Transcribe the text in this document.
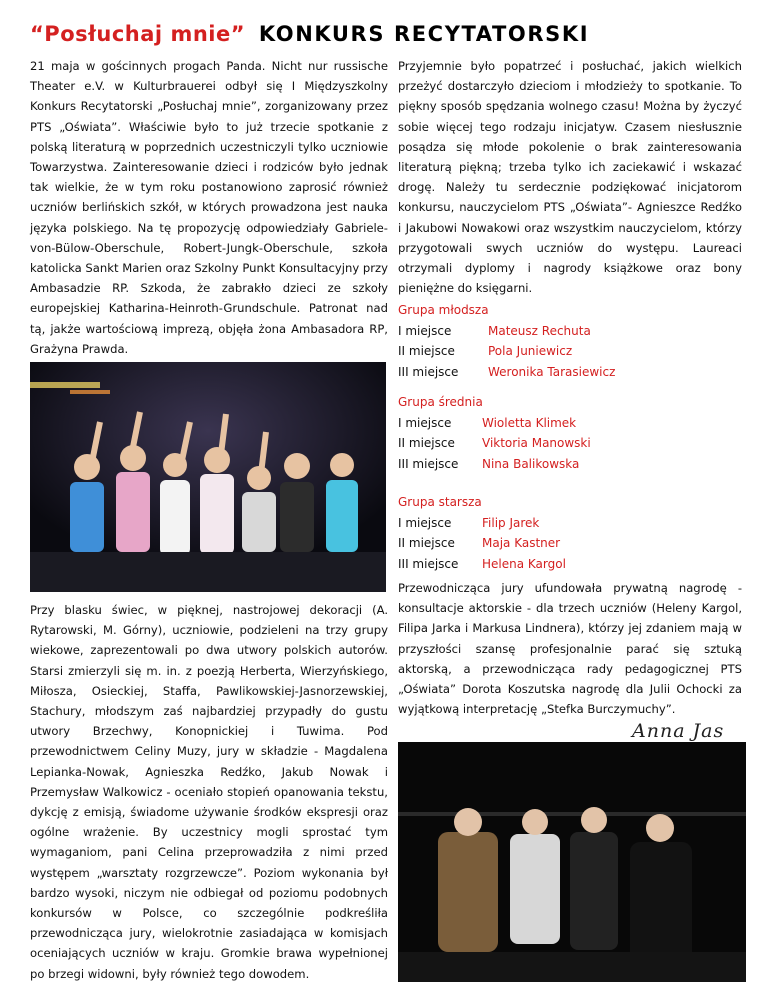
“Posłuchaj mnie” KONKURS RECYTATORSKI
21 maja w gościnnych progach Panda. Nicht nur russische Theater e.V. w Kulturbrauerei odbył się I Międzyszkolny Konkurs Recytatorski „Posłuchaj mnie”, zorganizowany przez PTS „Oświata”. Właściwie było to już trzecie spotkanie z polską literaturą w poprzednich uczestniczyli tylko uczniowie Towarzystwa. Zainteresowanie dzieci i rodziców było jednak tak wielkie, że w tym roku postanowiono zaprosić również uczniów berlińskich szkół, w których prowadzona jest nauka języka polskiego. Na tę propozycję odpowiedziały Gabriele-von-Bülow-Oberschule, Robert-Jungk-Oberschule, szkoła katolicka Sankt Marien oraz Szkolny Punkt Konsultacyjny przy Ambasadzie RP. Szkoda, że zabrakło dzieci ze szkoły europejskiej Katharina-Heinroth-Grundschule. Patronat nad tą, jakże wartościową imprezą, objęła żona Ambasadora RP, Grażyna Prawda.
Przyjemnie było popatrzeć i posłuchać, jakich wielkich przeżyć dostarczyło dzieciom i młodzieży to spotkanie. To piękny sposób spędzania wolnego czasu! Można by życzyć sobie więcej tego rodzaju inicjatyw. Czasem niesłusznie posądza się młode pokolenie o brak zainteresowania literaturą piękną; trzeba tylko ich zaciekawić i wskazać drogę. Należy tu serdecznie podziękować inicjatorom konkursu, nauczycielom PTS „Oświata”- Agnieszce Redźko i Jakubowi Nowakowi oraz wszystkim nauczycielom, którzy przygotowali swych uczniów do występu. Laureaci otrzymali dyplomy i nagrody książkowe oraz bony pieniężne do księgarni.
Grupa młodsza
I miejsce	Mateusz Rechuta
II miejsce	Pola Juniewicz
III miejsce Weronika Tarasiewicz
Grupa średnia
I miejsce	Wioletta Klimek
II miejsce Viktoria Manowski
III miejsce Nina Balikowska
Grupa starsza
I miejsce	Filip Jarek
II miejsce Maja Kastner
III miejsce Helena Kargol
Przy blasku świec, w pięknej, nastrojowej dekoracji (A. Rytarowski, M. Górny), uczniowie, podzieleni na trzy grupy wiekowe, zaprezentowali po dwa utwory polskich autorów. Starsi zmierzyli się m. in. z poezją Herberta, Wierzyńskiego, Miłosza, Osieckiej, Staffa, Pawlikowskiej-Jasnorzewskiej, Stachury, młodszym zaś najbardziej przypadły do gustu utwory Brzechwy, Konopnickiej i Tuwima. Pod przewodnictwem Celiny Muzy, jury w składzie - Magdalena Lepianka-Nowak, Agnieszka Redźko, Jakub Nowak i Przemysław Walkowicz - oceniało stopień opanowania tekstu, dykcję z emisją, świadome używanie środków ekspresji oraz ogólne wrażenie. By uczestnicy mogli sprostać tym wymaganiom, pani Celina przeprowadziła z nimi przed występem „warsztaty rozgrzewcze”. Poziom wykonania był bardzo wysoki, niczym nie odbiegał od poziomu podobnych konkursów w Polsce, co szczególnie podkreśliła przewodnicząca jury, wielokrotnie zasiadająca w komisjach oceniających uczniów w kraju. Gromkie brawa wypełnionej po brzegi widowni, były również tego dowodem.
Przewodnicząca jury ufundowała prywatną nagrodę - konsultacje aktorskie - dla trzech uczniów (Heleny Kargol, Filipa Jarka i Markusa Lindnera), którzy jej zdaniem mają w przyszłości szansę profesjonalnie parać się sztuką aktorską, a przewodnicząca rady pedagogicznej PTS „Oświata” Dorota Koszutska nagrodę dla Julii Ochocki za wyjątkową interpretację „Stefka Burczymuchy”.
Anna Jas
